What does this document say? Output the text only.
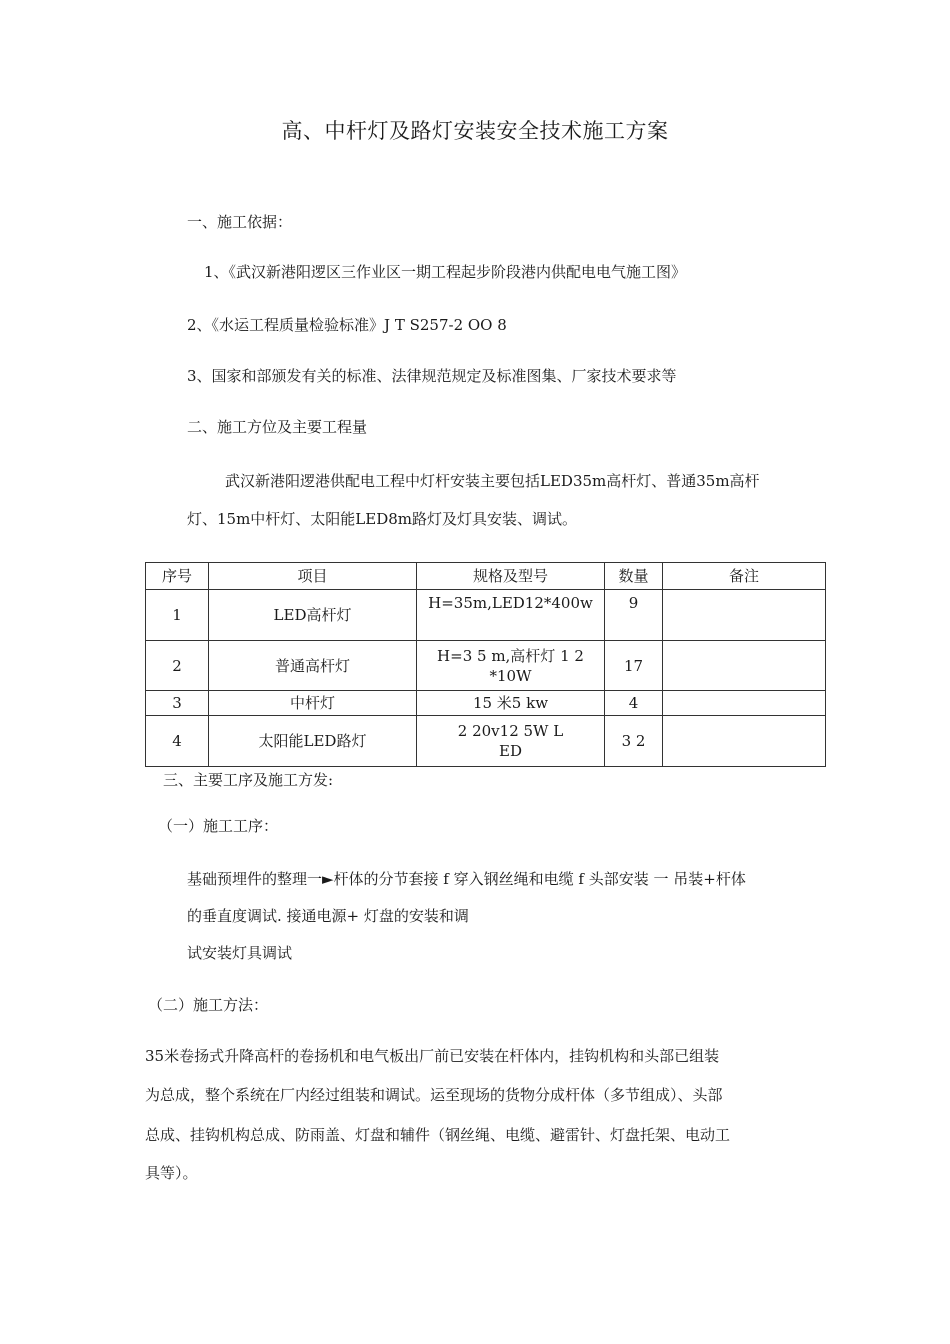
高、中杆灯及路灯安装安全技术施工方案

一、施工依据：

1、《武汉新港阳逻区三作业区一期工程起步阶段港内供配电电气施工图》

2、《水运工程质量检验标准》J T S257-2 OO 8

3、国家和部颁发有关的标准、法律规范规定及标准图集、厂家技术要求等

二、施工方位及主要工程量

武汉新港阳逻港供配电工程中灯杆安装主要包括LED35m高杆灯、普通35m高杆

灯、15m中杆灯、太阳能LED8m路灯及灯具安装、调试。

序号	项目	规格及型号	数量	备注
1	LED高杆灯	H=35m,LED12*400w	9	
2	普通高杆灯	H=3 5 m,高杆灯 1 2
*10W	17	
3	中杆灯	15 米5 kw	4	
4	太阳能LED路灯	2 20v12 5W L
ED	3 2	

三、主要工序及施工方发:

（一）施工工序：

基础预埋件的整理一►杆体的分节套接 f 穿入钢丝绳和电缆 f 头部安装 一 吊装+杆体

的垂直度调试. 接通电源+ 灯盘的安装和调

试安装灯具调试

（二）施工方法：

35米卷扬式升降高杆的卷扬机和电气板出厂前已安装在杆体内，挂钩机构和头部已组装

为总成，整个系统在厂内经过组装和调试。运至现场的货物分成杆体（多节组成）、头部

总成、挂钩机构总成、防雨盖、灯盘和辅件（钢丝绳、电缆、避雷针、灯盘托架、电动工

具等）。
